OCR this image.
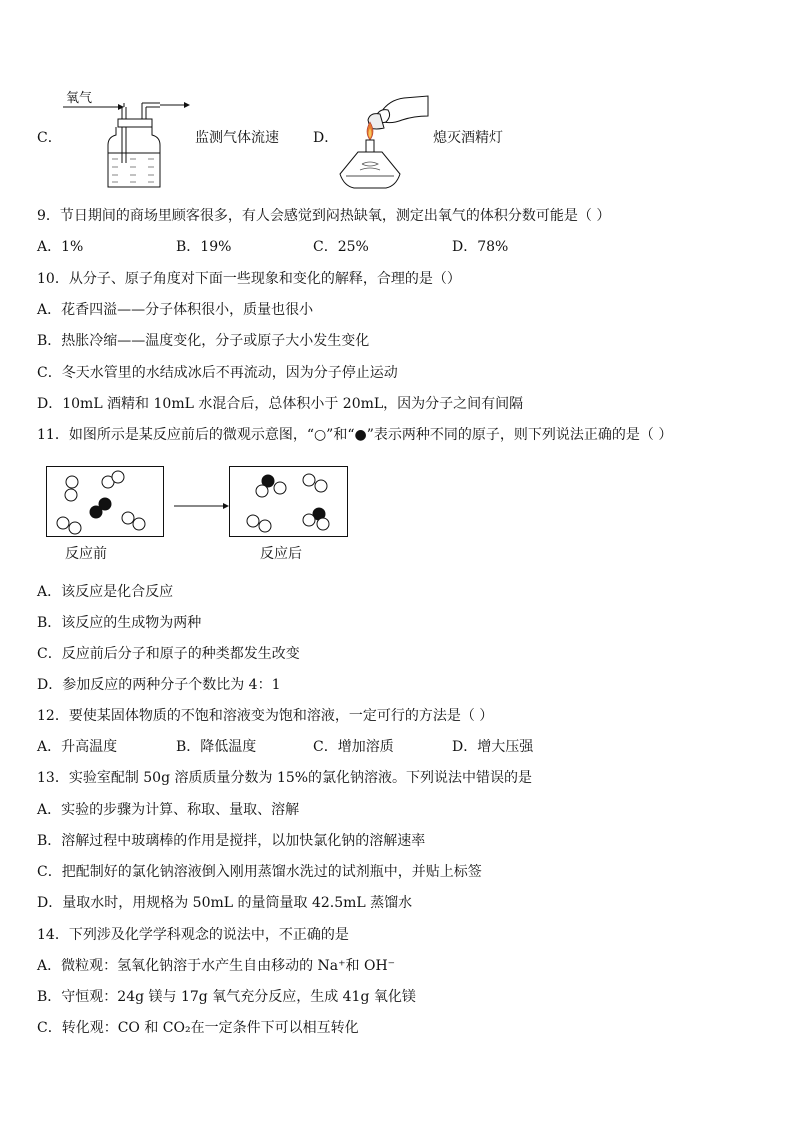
C．
氧气
监测气体流速 D．	熄灭酒精灯
9．节日期间的商场里顾客很多，有人会感觉到闷热缺氧，测定出氧气的体积分数可能是（ ）
A．1%	B．19%	C．25%	D．78%
10．从分子、原子角度对下面一些现象和变化的解释，合理的是（）
A．花香四溢——分子体积很小，质量也很小
B．热胀冷缩——温度变化，分子或原子大小发生变化
C．冬天水管里的水结成冰后不再流动，因为分子停止运动
D．10mL 酒精和 10mL 水混合后，总体积小于 20mL，因为分子之间有间隔
11．如图所示是某反应前后的微观示意图，“○”和“●”表示两种不同的原子，则下列说法正确的是（ ）
反应前	反应后
A．该反应是化合反应
B．该反应的生成物为两种
C．反应前后分子和原子的种类都发生改变
D．参加反应的两种分子个数比为 4：1
12．要使某固体物质的不饱和溶液变为饱和溶液，一定可行的方法是（ ）
A．升高温度	B．降低温度	C．增加溶质	D．增大压强
13．实验室配制 50g 溶质质量分数为 15%的氯化钠溶液。下列说法中错误的是
A．实验的步骤为计算、称取、量取、溶解
B．溶解过程中玻璃棒的作用是搅拌，以加快氯化钠的溶解速率
C．把配制好的氯化钠溶液倒入刚用蒸馏水洗过的试剂瓶中，并贴上标签
D．量取水时，用规格为 50mL 的量筒量取 42.5mL 蒸馏水
14．下列涉及化学学科观念的说法中，不正确的是
A．微粒观：氢氧化钠溶于水产生自由移动的 Na⁺和 OH⁻
B．守恒观：24g 镁与 17g 氧气充分反应，生成 41g 氧化镁
C．转化观：CO 和 CO₂在一定条件下可以相互转化
